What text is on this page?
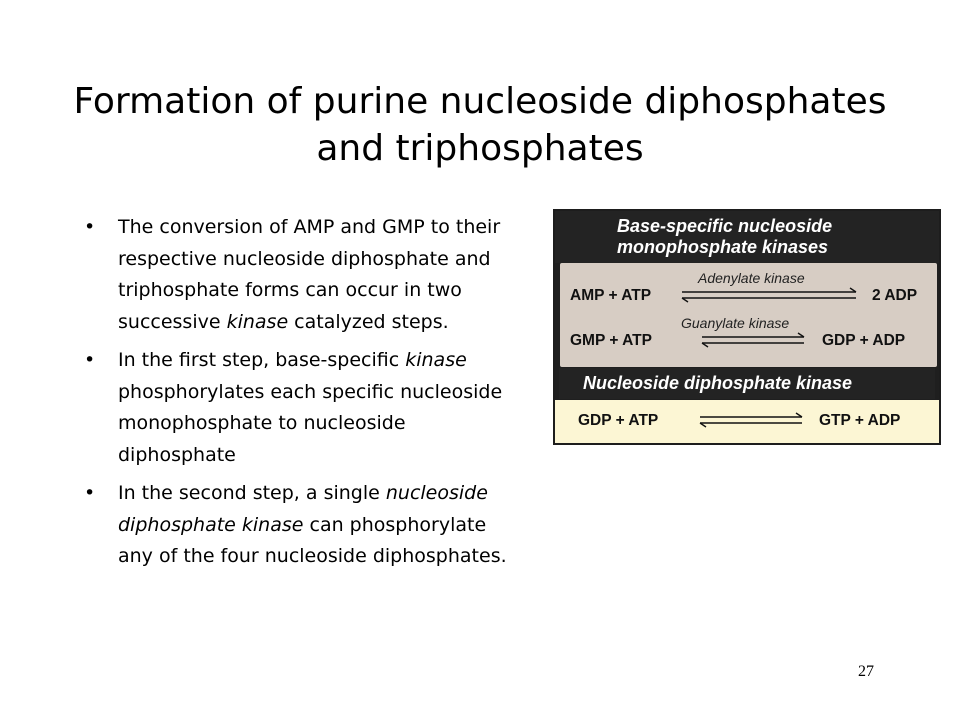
Formation of purine nucleoside diphosphates and triphosphates
• The conversion of AMP and GMP to their respective nucleoside diphosphate and triphosphate forms can occur in two successive kinase catalyzed steps.
• In the first step, base-specific kinase phosphorylates each specific nucleoside monophosphate to nucleoside diphosphate
• In the second step, a single nucleoside diphosphate kinase can phosphorylate any of the four nucleoside diphosphates.
Base-specific nucleoside
monophosphate kinases
AMP + ATP
Adenylate kinase
2 ADP
GMP + ATP
Guanylate kinase
GDP + ADP
Nucleoside diphosphate kinase
GDP + ATP	GTP + ADP
27
